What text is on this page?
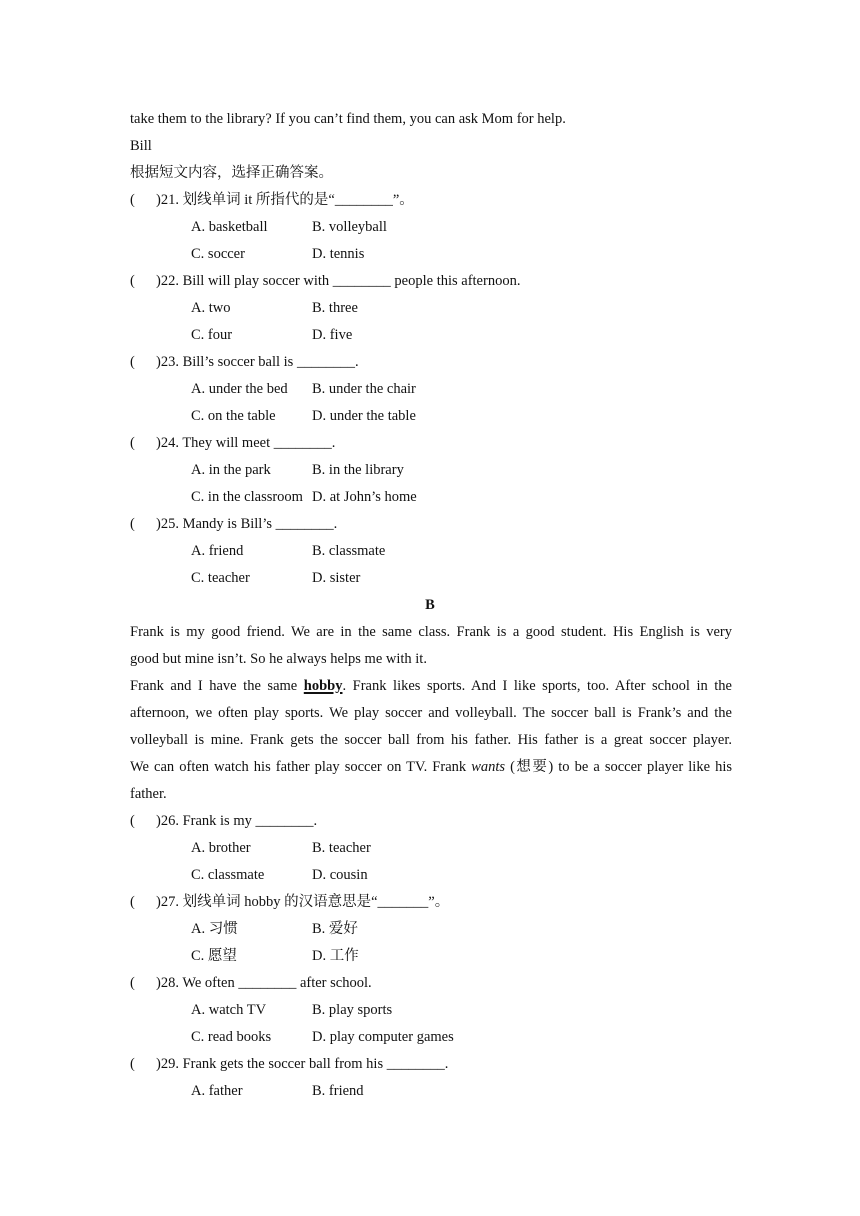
take them to the library? If you can’t find them, you can ask Mom for help.
Bill
根据短文内容，选择正确答案。
( )21. 划线单词 it 所指代的是“________”。
A. basketball	B. volleyball
C. soccer	D. tennis
( )22. Bill will play soccer with ________ people this afternoon.
A. two	B. three
C. four	D. five
( )23. Bill’s soccer ball is ________.
A. under the bed B. under the chair
C. on the table	D. under the table
( )24. They will meet ________.
A. in the park	B. in the library
C. in the classroom D. at John’s home
( )25. Mandy is Bill’s ________.
A. friend	B. classmate
C. teacher	D. sister
B
Frank is my good friend. We are in the same class. Frank is a good student. His English is very
good but mine isn’t. So he always helps me with it.
Frank and I have the same hobby. Frank likes sports. And I like sports, too. After school in the
afternoon, we often play sports. We play soccer and volleyball. The soccer ball is Frank’s and the
volleyball is mine. Frank gets the soccer ball from his father. His father is a great soccer player.
We can often watch his father play soccer on TV. Frank wants (想要) to be a soccer player like his
father.
( )26. Frank is my ________.
A. brother	B. teacher
C. classmate	D. cousin
( )27. 划线单词 hobby 的汉语意思是“_______”。
A. 习惯	B. 爱好
C. 愿望	D. 工作
( )28. We often ________ after school.
A. watch TV	B. play sports
C. read books	D. play computer games
( )29. Frank gets the soccer ball from his ________.
A. father	B. friend
